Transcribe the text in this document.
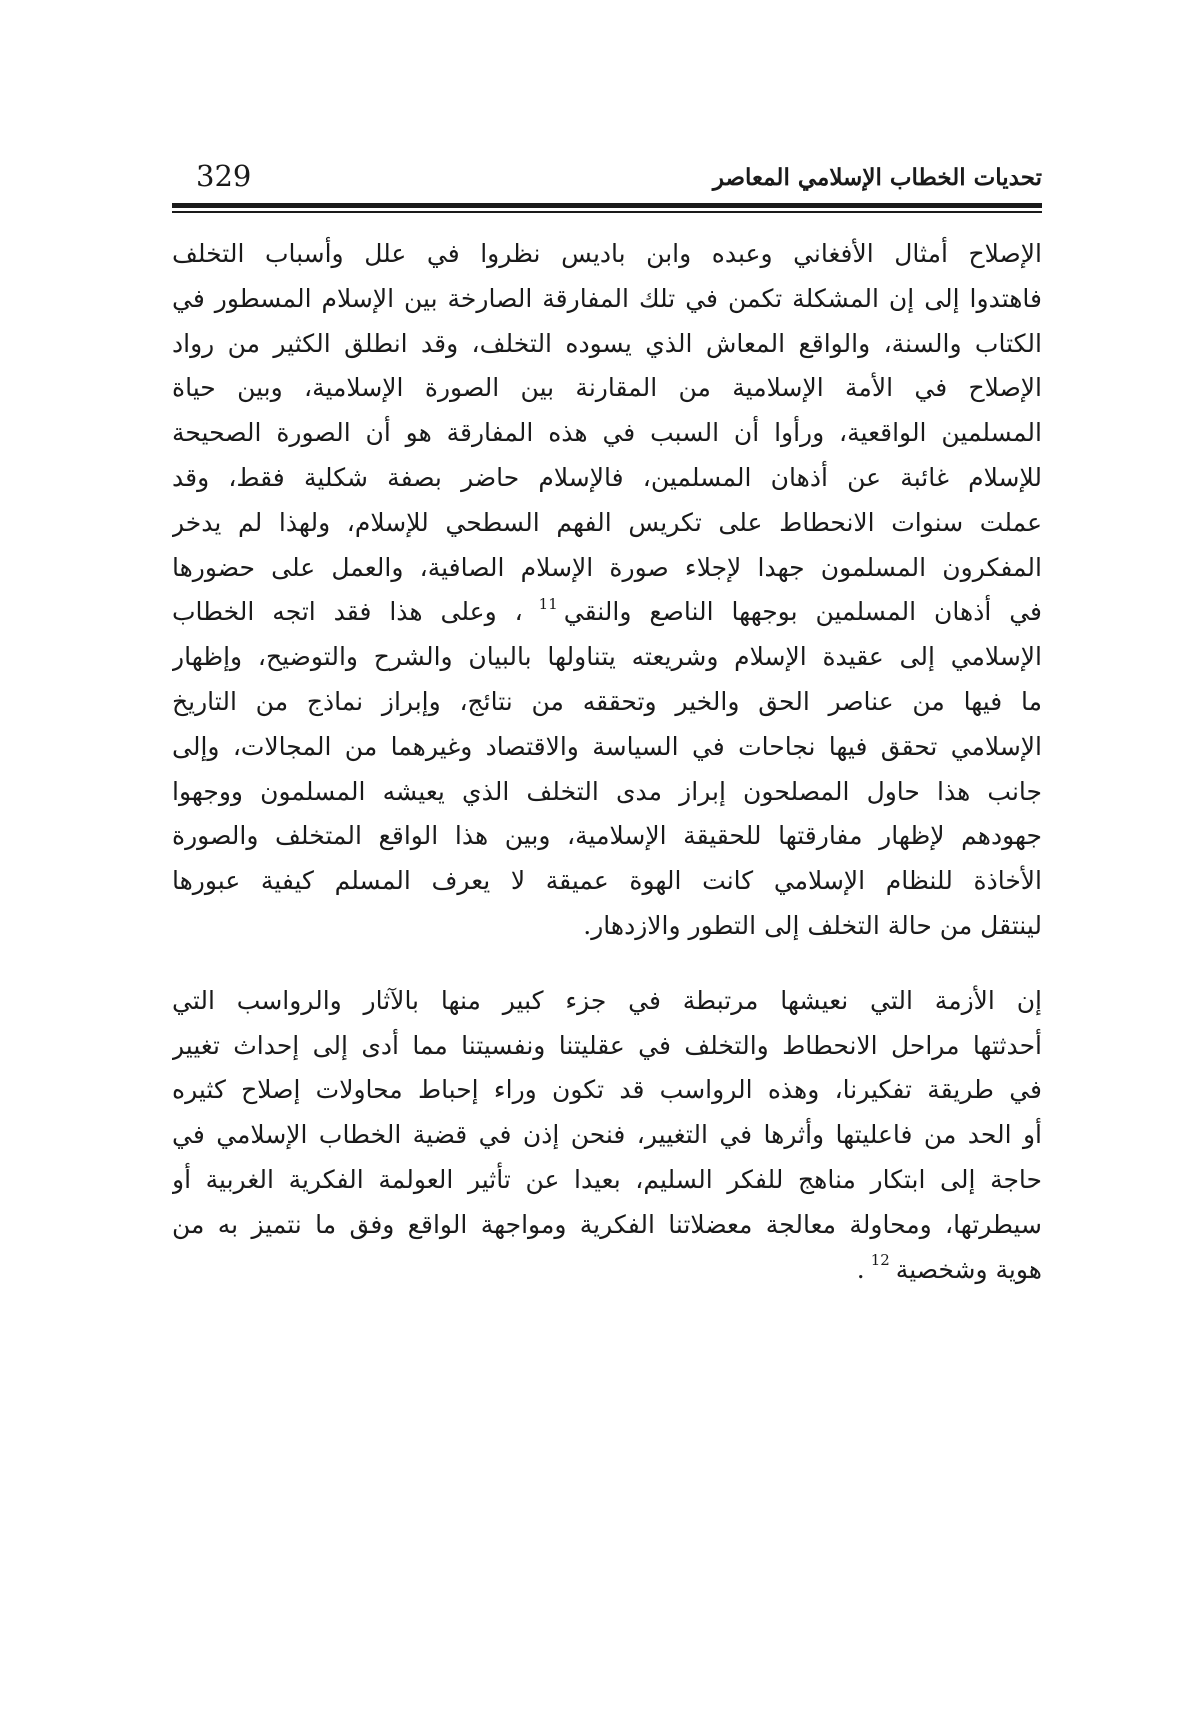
تحديات الخطاب الإسلامي المعاصر
329
الإصلاح أمثال الأفغاني وعبده وابن باديس نظروا في علل وأسباب التخلف
فاهتدوا إلى إن المشكلة تكمن في تلك المفارقة الصارخة بين الإسلام المسطور في
الكتاب والسنة، والواقع المعاش الذي يسوده التخلف، وقد انطلق الكثير من رواد
الإصلاح في الأمة الإسلامية من المقارنة بين الصورة الإسلامية، وبين حياة
المسلمين الواقعية، ورأوا أن السبب في هذه المفارقة هو أن الصورة الصحيحة
للإسلام غائبة عن أذهان المسلمين، فالإسلام حاضر بصفة شكلية فقط، وقد
عملت سنوات الانحطاط على تكريس الفهم السطحي للإسلام، ولهذا لم يدخر
المفكرون المسلمون جهدا لإجلاء صورة الإسلام الصافية، والعمل على حضورها
في أذهان المسلمين بوجهها الناصع والنقي$^{11}$، وعلى هذا فقد اتجه الخطاب
الإسلامي إلى عقيدة الإسلام وشريعته يتناولها بالبيان والشرح والتوضيح، وإظهار
ما فيها من عناصر الحق والخير وتحققه من نتائج، وإبراز نماذج من التاريخ
الإسلامي تحقق فيها نجاحات في السياسة والاقتصاد وغيرهما من المجالات، وإلى
جانب هذا حاول المصلحون إبراز مدى التخلف الذي يعيشه المسلمون ووجهوا
جهودهم لإظهار مفارقتها للحقيقة الإسلامية، وبين هذا الواقع المتخلف والصورة
الأخاذة للنظام الإسلامي كانت الهوة عميقة لا يعرف المسلم كيفية عبورها
لينتقل من حالة التخلف إلى التطور والازدهار.
إن الأزمة التي نعيشها مرتبطة في جزء كبير منها بالآثار والرواسب التي
أحدثتها مراحل الانحطاط والتخلف في عقليتنا ونفسيتنا مما أدى إلى إحداث تغيير
في طريقة تفكيرنا، وهذه الرواسب قد تكون وراء إحباط محاولات إصلاح كثيره
أو الحد من فاعليتها وأثرها في التغيير، فنحن إذن في قضية الخطاب الإسلامي في
حاجة إلى ابتكار مناهج للفكر السليم، بعيدا عن تأثير العولمة الفكرية الغربية أو
سيطرتها، ومحاولة معالجة معضلاتنا الفكرية ومواجهة الواقع وفق ما نتميز به من
هوية وشخصية$^{12}$.
